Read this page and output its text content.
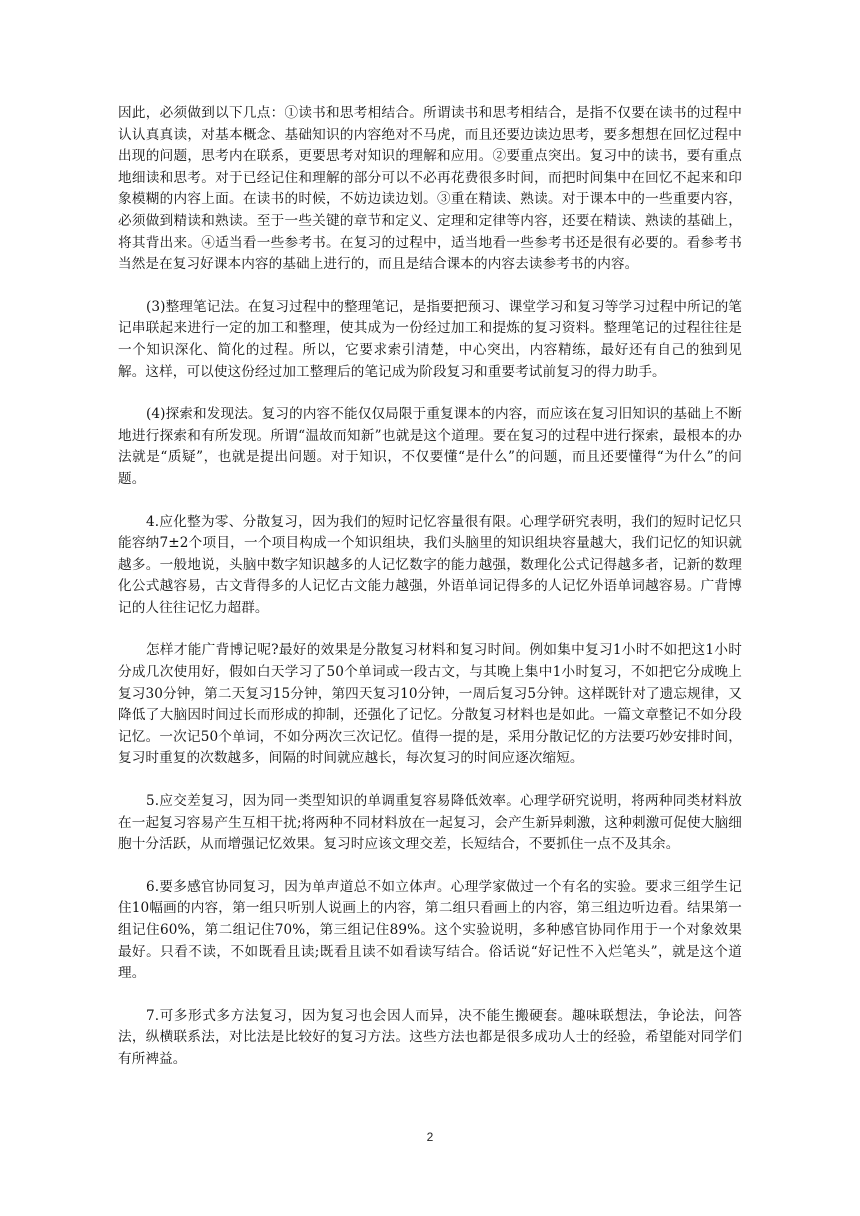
因此，必须做到以下几点：①读书和思考相结合。所谓读书和思考相结合，是指不仅要在读书的过程中认认真真读，对基本概念、基础知识的内容绝对不马虎，而且还要边读边思考，要多想想在回忆过程中出现的问题，思考内在联系，更要思考对知识的理解和应用。②要重点突出。复习中的读书，要有重点地细读和思考。对于已经记住和理解的部分可以不必再花费很多时间，而把时间集中在回忆不起来和印象模糊的内容上面。在读书的时候，不妨边读边划。③重在精读、熟读。对于课本中的一些重要内容，必须做到精读和熟读。至于一些关键的章节和定义、定理和定律等内容，还要在精读、熟读的基础上，将其背出来。④适当看一些参考书。在复习的过程中，适当地看一些参考书还是很有必要的。看参考书当然是在复习好课本内容的基础上进行的，而且是结合课本的内容去读参考书的内容。

(3)整理笔记法。在复习过程中的整理笔记，是指要把预习、课堂学习和复习等学习过程中所记的笔记串联起来进行一定的加工和整理，使其成为一份经过加工和提炼的复习资料。整理笔记的过程往往是一个知识深化、简化的过程。所以，它要求索引清楚，中心突出，内容精练，最好还有自己的独到见解。这样，可以使这份经过加工整理后的笔记成为阶段复习和重要考试前复习的得力助手。

(4)探索和发现法。复习的内容不能仅仅局限于重复课本的内容，而应该在复习旧知识的基础上不断地进行探索和有所发现。所谓“温故而知新”也就是这个道理。要在复习的过程中进行探索，最根本的办法就是“质疑”，也就是提出问题。对于知识，不仅要懂“是什么”的问题，而且还要懂得“为什么”的问题。

4.应化整为零、分散复习，因为我们的短时记忆容量很有限。心理学研究表明，我们的短时记忆只能容纳7±2个项目，一个项目构成一个知识组块，我们头脑里的知识组块容量越大，我们记忆的知识就越多。一般地说，头脑中数字知识越多的人记忆数字的能力越强，数理化公式记得越多者，记新的数理化公式越容易，古文背得多的人记忆古文能力越强，外语单词记得多的人记忆外语单词越容易。广背博记的人往往记忆力超群。

怎样才能广背博记呢?最好的效果是分散复习材料和复习时间。例如集中复习1小时不如把这1小时分成几次使用好，假如白天学习了50个单词或一段古文，与其晚上集中1小时复习，不如把它分成晚上复习30分钟，第二天复习15分钟，第四天复习10分钟，一周后复习5分钟。这样既针对了遗忘规律，又降低了大脑因时间过长而形成的抑制，还强化了记忆。分散复习材料也是如此。一篇文章整记不如分段记忆。一次记50个单词，不如分两次三次记忆。值得一提的是，采用分散记忆的方法要巧妙安排时间，复习时重复的次数越多，间隔的时间就应越长，每次复习的时间应逐次缩短。

5.应交差复习，因为同一类型知识的单调重复容易降低效率。心理学研究说明，将两种同类材料放在一起复习容易产生互相干扰;将两种不同材料放在一起复习，会产生新异刺激，这种刺激可促使大脑细胞十分活跃，从而增强记忆效果。复习时应该文理交差，长短结合，不要抓住一点不及其余。

6.要多感官协同复习，因为单声道总不如立体声。心理学家做过一个有名的实验。要求三组学生记住10幅画的内容，第一组只听别人说画上的内容，第二组只看画上的内容，第三组边听边看。结果第一组记住60%，第二组记住70%，第三组记住89%。这个实验说明，多种感官协同作用于一个对象效果最好。只看不读，不如既看且读;既看且读不如看读写结合。俗话说“好记性不入烂笔头”，就是这个道理。

7.可多形式多方法复习，因为复习也会因人而异，决不能生搬硬套。趣味联想法，争论法，问答法，纵横联系法，对比法是比较好的复习方法。这些方法也都是很多成功人士的经验，希望能对同学们有所裨益。

2
